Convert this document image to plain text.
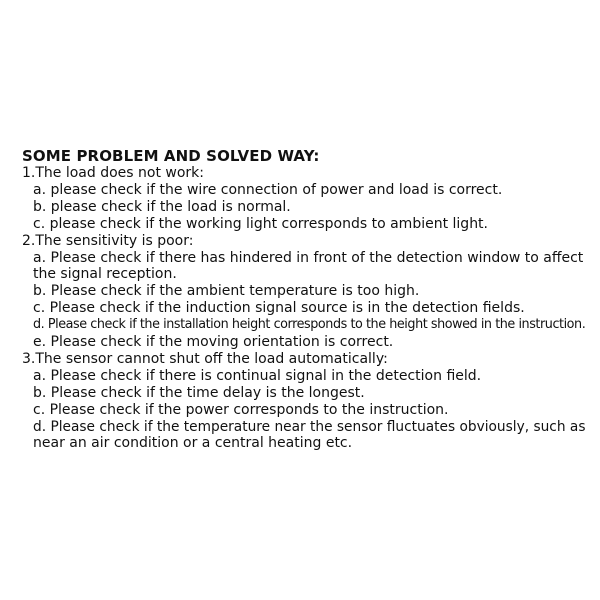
SOME PROBLEM AND SOLVED WAY:
1.The load does not work:
a. please check if the wire connection of power and load is correct.
b. please check if the load is normal.
c. please check if the working light corresponds to ambient light.
2.The sensitivity is poor:
a. Please check if there has hindered in front of the detection window to affect
the signal reception.
b. Please check if the ambient temperature is too high.
c. Please check if the induction signal source is in the detection fields.
d. Please check if the installation height corresponds to the height showed in the instruction.
e. Please check if the moving orientation is correct.
3.The sensor cannot shut off the load automatically:
a. Please check if there is continual signal in the detection field.
b. Please check if the time delay is the longest.
c. Please check if the power corresponds to the instruction.
d. Please check if the temperature near the sensor fluctuates obviously, such as
near an air condition or a central heating etc.
